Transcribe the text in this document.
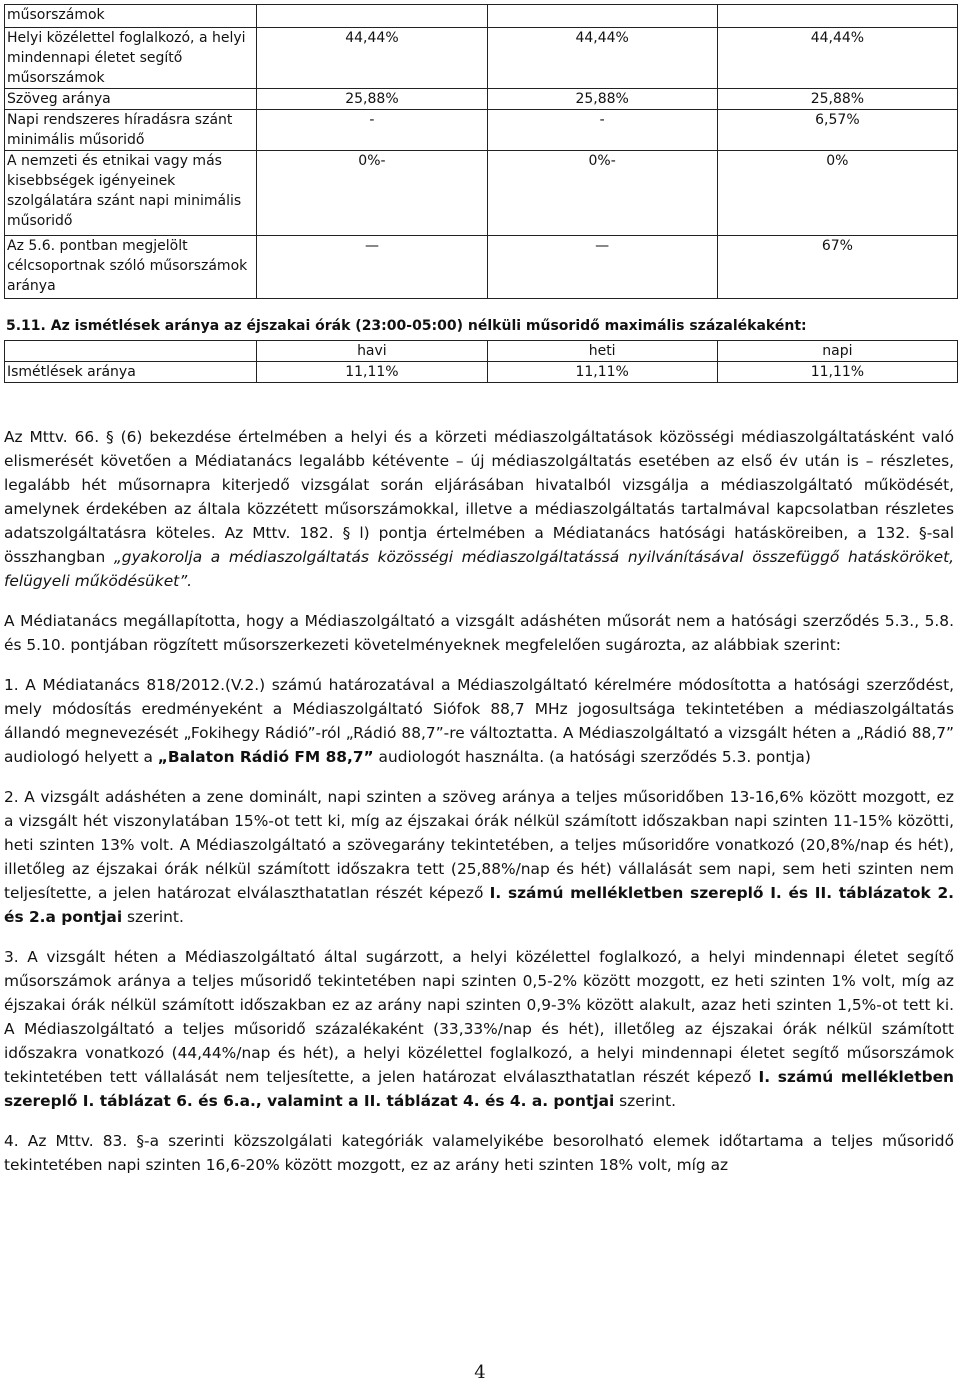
műsorszámok			
Helyi közélettel foglalkozó, a helyi mindennapi életet segítő műsorszámok	44,44%	44,44%	44,44%
Szöveg aránya	25,88%	25,88%	25,88%
Napi rendszeres híradásra szánt minimális műsoridő	-	-	6,57%
A nemzeti és etnikai vagy más kisebbségek igényeinek szolgálatára szánt napi minimális műsoridő	0%-	0%-	0%
Az 5.6. pontban megjelölt célcsoportnak szóló műsorszámok aránya	—	—	67%
5.11. Az ismétlések aránya az éjszakai órák (23:00-05:00) nélküli műsoridő maximális százalékaként:
	havi	heti	napi
Ismétlések aránya	11,11%	11,11%	11,11%

Az Mttv. 66. § (6) bekezdése értelmében a helyi és a körzeti médiaszolgáltatások közösségi médiaszolgáltatásként való elismerését követően a Médiatanács legalább kétévente – új médiaszolgáltatás esetében az első év után is – részletes, legalább hét műsornapra kiterjedő vizsgálat során eljárásában hivatalból vizsgálja a médiaszolgáltató működését, amelynek érdekében az általa közzétett műsorszámokkal, illetve a médiaszolgáltatás tartalmával kapcsolatban részletes adatszolgáltatásra köteles. Az Mttv. 182. § l) pontja értelmében a Médiatanács hatósági hatásköreiben, a 132. §-sal összhangban „gyakorolja a médiaszolgáltatás közösségi médiaszolgáltatássá nyilvánításával összefüggő hatásköröket, felügyeli működésüket”.

A Médiatanács megállapította, hogy a Médiaszolgáltató a vizsgált adáshéten műsorát nem a hatósági szerződés 5.3., 5.8. és 5.10. pontjában rögzített műsorszerkezeti követelményeknek megfelelően sugározta, az alábbiak szerint:

1. A Médiatanács 818/2012.(V.2.) számú határozatával a Médiaszolgáltató kérelmére módosította a hatósági szerződést, mely módosítás eredményeként a Médiaszolgáltató Siófok 88,7 MHz jogosultsága tekintetében a médiaszolgáltatás állandó megnevezését „Fokihegy Rádió”-ról „Rádió 88,7”-re változtatta. A Médiaszolgáltató a vizsgált héten a „Rádió 88,7” audiologó helyett a „Balaton Rádió FM 88,7” audiologót használta. (a hatósági szerződés 5.3. pontja)

2. A vizsgált adáshéten a zene dominált, napi szinten a szöveg aránya a teljes műsoridőben 13-16,6% között mozgott, ez a vizsgált hét viszonylatában 15%-ot tett ki, míg az éjszakai órák nélkül számított időszakban napi szinten 11-15% közötti, heti szinten 13% volt. A Médiaszolgáltató a szövegarány tekintetében, a teljes műsoridőre vonatkozó (20,8%/nap és hét), illetőleg az éjszakai órák nélkül számított időszakra tett (25,88%/nap és hét) vállalását sem napi, sem heti szinten nem teljesítette, a jelen határozat elválaszthatatlan részét képező I. számú mellékletben szereplő I. és II. táblázatok 2. és 2.a pontjai szerint.

3. A vizsgált héten a Médiaszolgáltató által sugárzott, a helyi közélettel foglalkozó, a helyi mindennapi életet segítő műsorszámok aránya a teljes műsoridő tekintetében napi szinten 0,5-2% között mozgott, ez heti szinten 1% volt, míg az éjszakai órák nélkül számított időszakban ez az arány napi szinten 0,9-3% között alakult, azaz heti szinten 1,5%-ot tett ki. A Médiaszolgáltató a teljes műsoridő százalékaként (33,33%/nap és hét), illetőleg az éjszakai órák nélkül számított időszakra vonatkozó (44,44%/nap és hét), a helyi közélettel foglalkozó, a helyi mindennapi életet segítő műsorszámok tekintetében tett vállalását nem teljesítette, a jelen határozat elválaszthatatlan részét képező I. számú mellékletben szereplő I. táblázat 6. és 6.a., valamint a II. táblázat 4. és 4. a. pontjai szerint.

4. Az Mttv. 83. §-a szerinti közszolgálati kategóriák valamelyikébe besorolható elemek időtartama a teljes műsoridő tekintetében napi szinten 16,6-20% között mozgott, ez az arány heti szinten 18% volt, míg az

4
